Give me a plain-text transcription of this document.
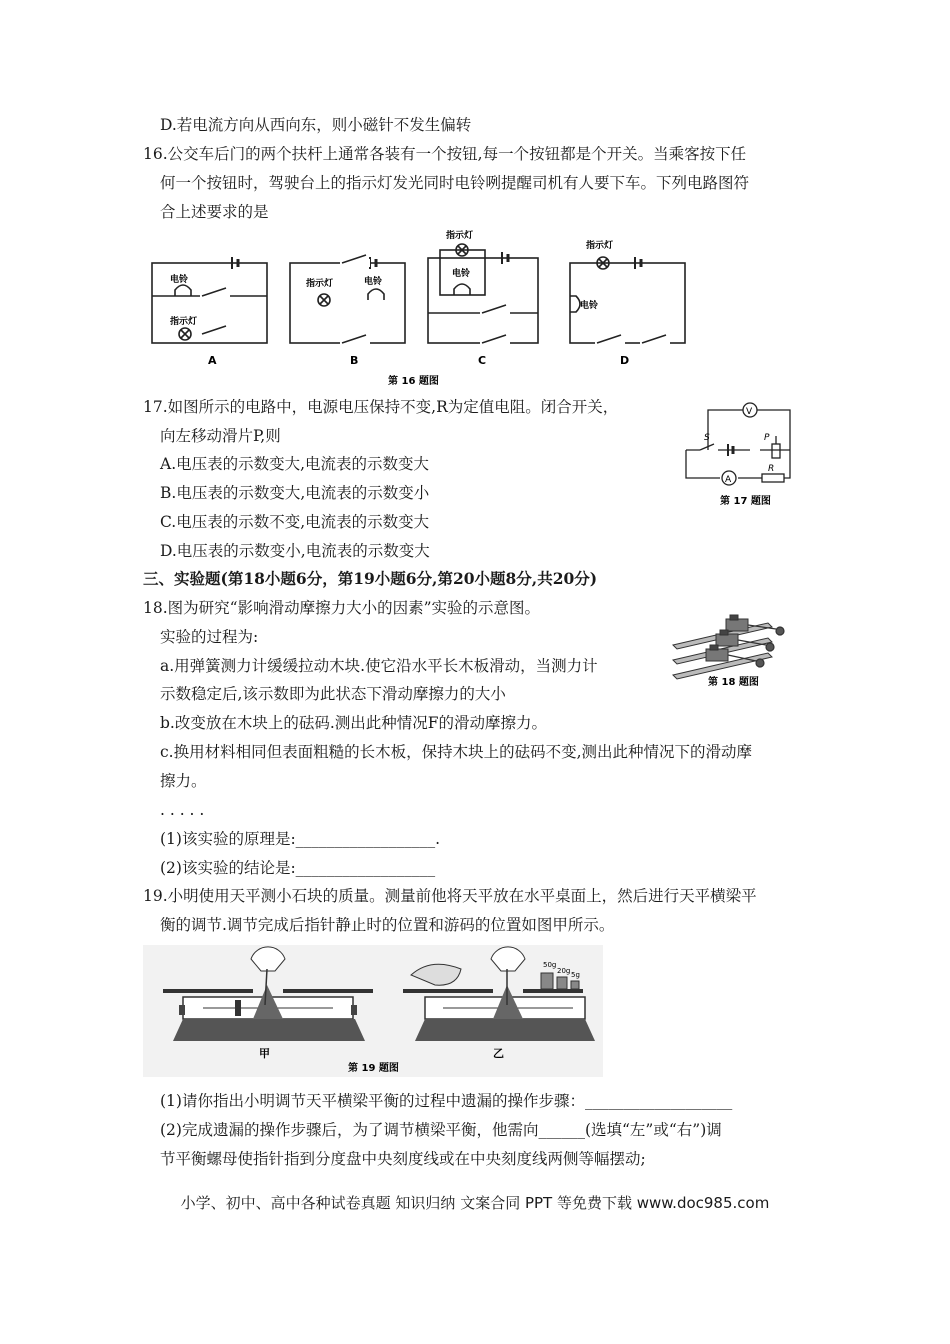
D.若电流方向从西向东，则小磁针不发生偏转
16.公交车后门的两个扶杆上通常各装有一个按钮,每一个按钮都是个开关。当乘客按下任
何一个按钮时，驾驶台上的指示灯发光同时电铃咧提醒司机有人要下车。下列电路图符
合上述要求的是
电铃
指示灯
指示灯	电铃
指示灯
电铃
指示灯
电铃
A	B	C	D
第 16 题图
17.如图所示的电路中，电源电压保持不变,R为定值电阻。闭合开关，
向左移动滑片P,则
A.电压表的示数变大,电流表的示数变大
B.电压表的示数变大,电流表的示数变小
C.电压表的示数不变,电流表的示数变大
D.电压表的示数变小,电流表的示数变大
V
A
S	P
R
第 17 题图
三、实验题(第18小题6分，第19小题6分,第20小题8分,共20分)
18.图为研究“影响滑动摩擦力大小的因素”实验的示意图。
实验的过程为:
a.用弹簧测力计缓缓拉动木块.使它沿水平长木板滑动，当测力计
示数稳定后,该示数即为此状态下滑动摩擦力的大小
b.改变放在木块上的砝码.测出此种情况F的滑动摩擦力。
c.换用材料相同但表面粗糙的长木板，保持木块上的砝码不变,测出此种情况下的滑动摩
擦力。
. . . . .
(1)该实验的原理是:__________________.
(2)该实验的结论是:__________________
第 18 题图
19.小明使用天平测小石块的质量。测量前他将天平放在水平桌面上，然后进行天平横梁平
衡的调节.调节完成后指针静止时的位置和游码的位置如图甲所示。
50g
20g 5g
甲	乙
第 19 题图
(1)请你指出小明调节天平横梁平衡的过程中遗漏的操作步骤：___________________
(2)完成遗漏的操作步骤后，为了调节横梁平衡，他需向______(选填“左”或“右”)调
节平衡螺母使指针指到分度盘中央刻度线或在中央刻度线两侧等幅摆动;
小学、初中、高中各种试卷真题 知识归纳 文案合同 PPT 等免费下载 www.doc985.com
